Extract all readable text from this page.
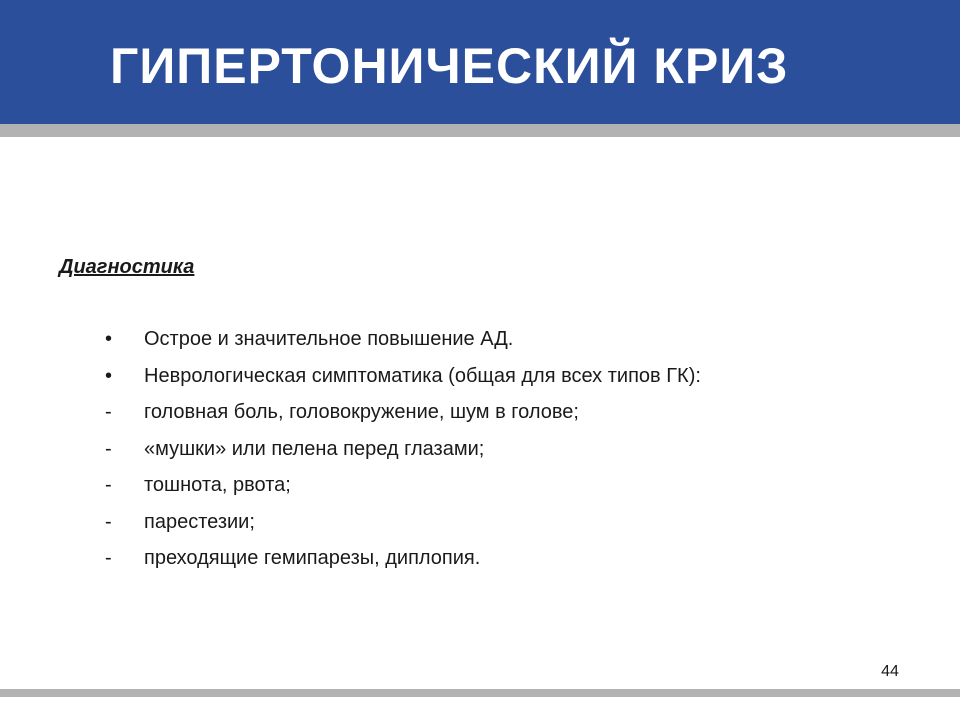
ГИПЕРТОНИЧЕСКИЙ КРИЗ
Диагностика
•	Острое и значительное повышение АД.
•	Неврологическая симптоматика (общая для всех типов ГК):
-	головная боль, головокружение, шум в голове;
-	«мушки» или пелена перед глазами;
-	тошнота, рвота;
-	парестезии;
-	преходящие гемипарезы, диплопия.
44
